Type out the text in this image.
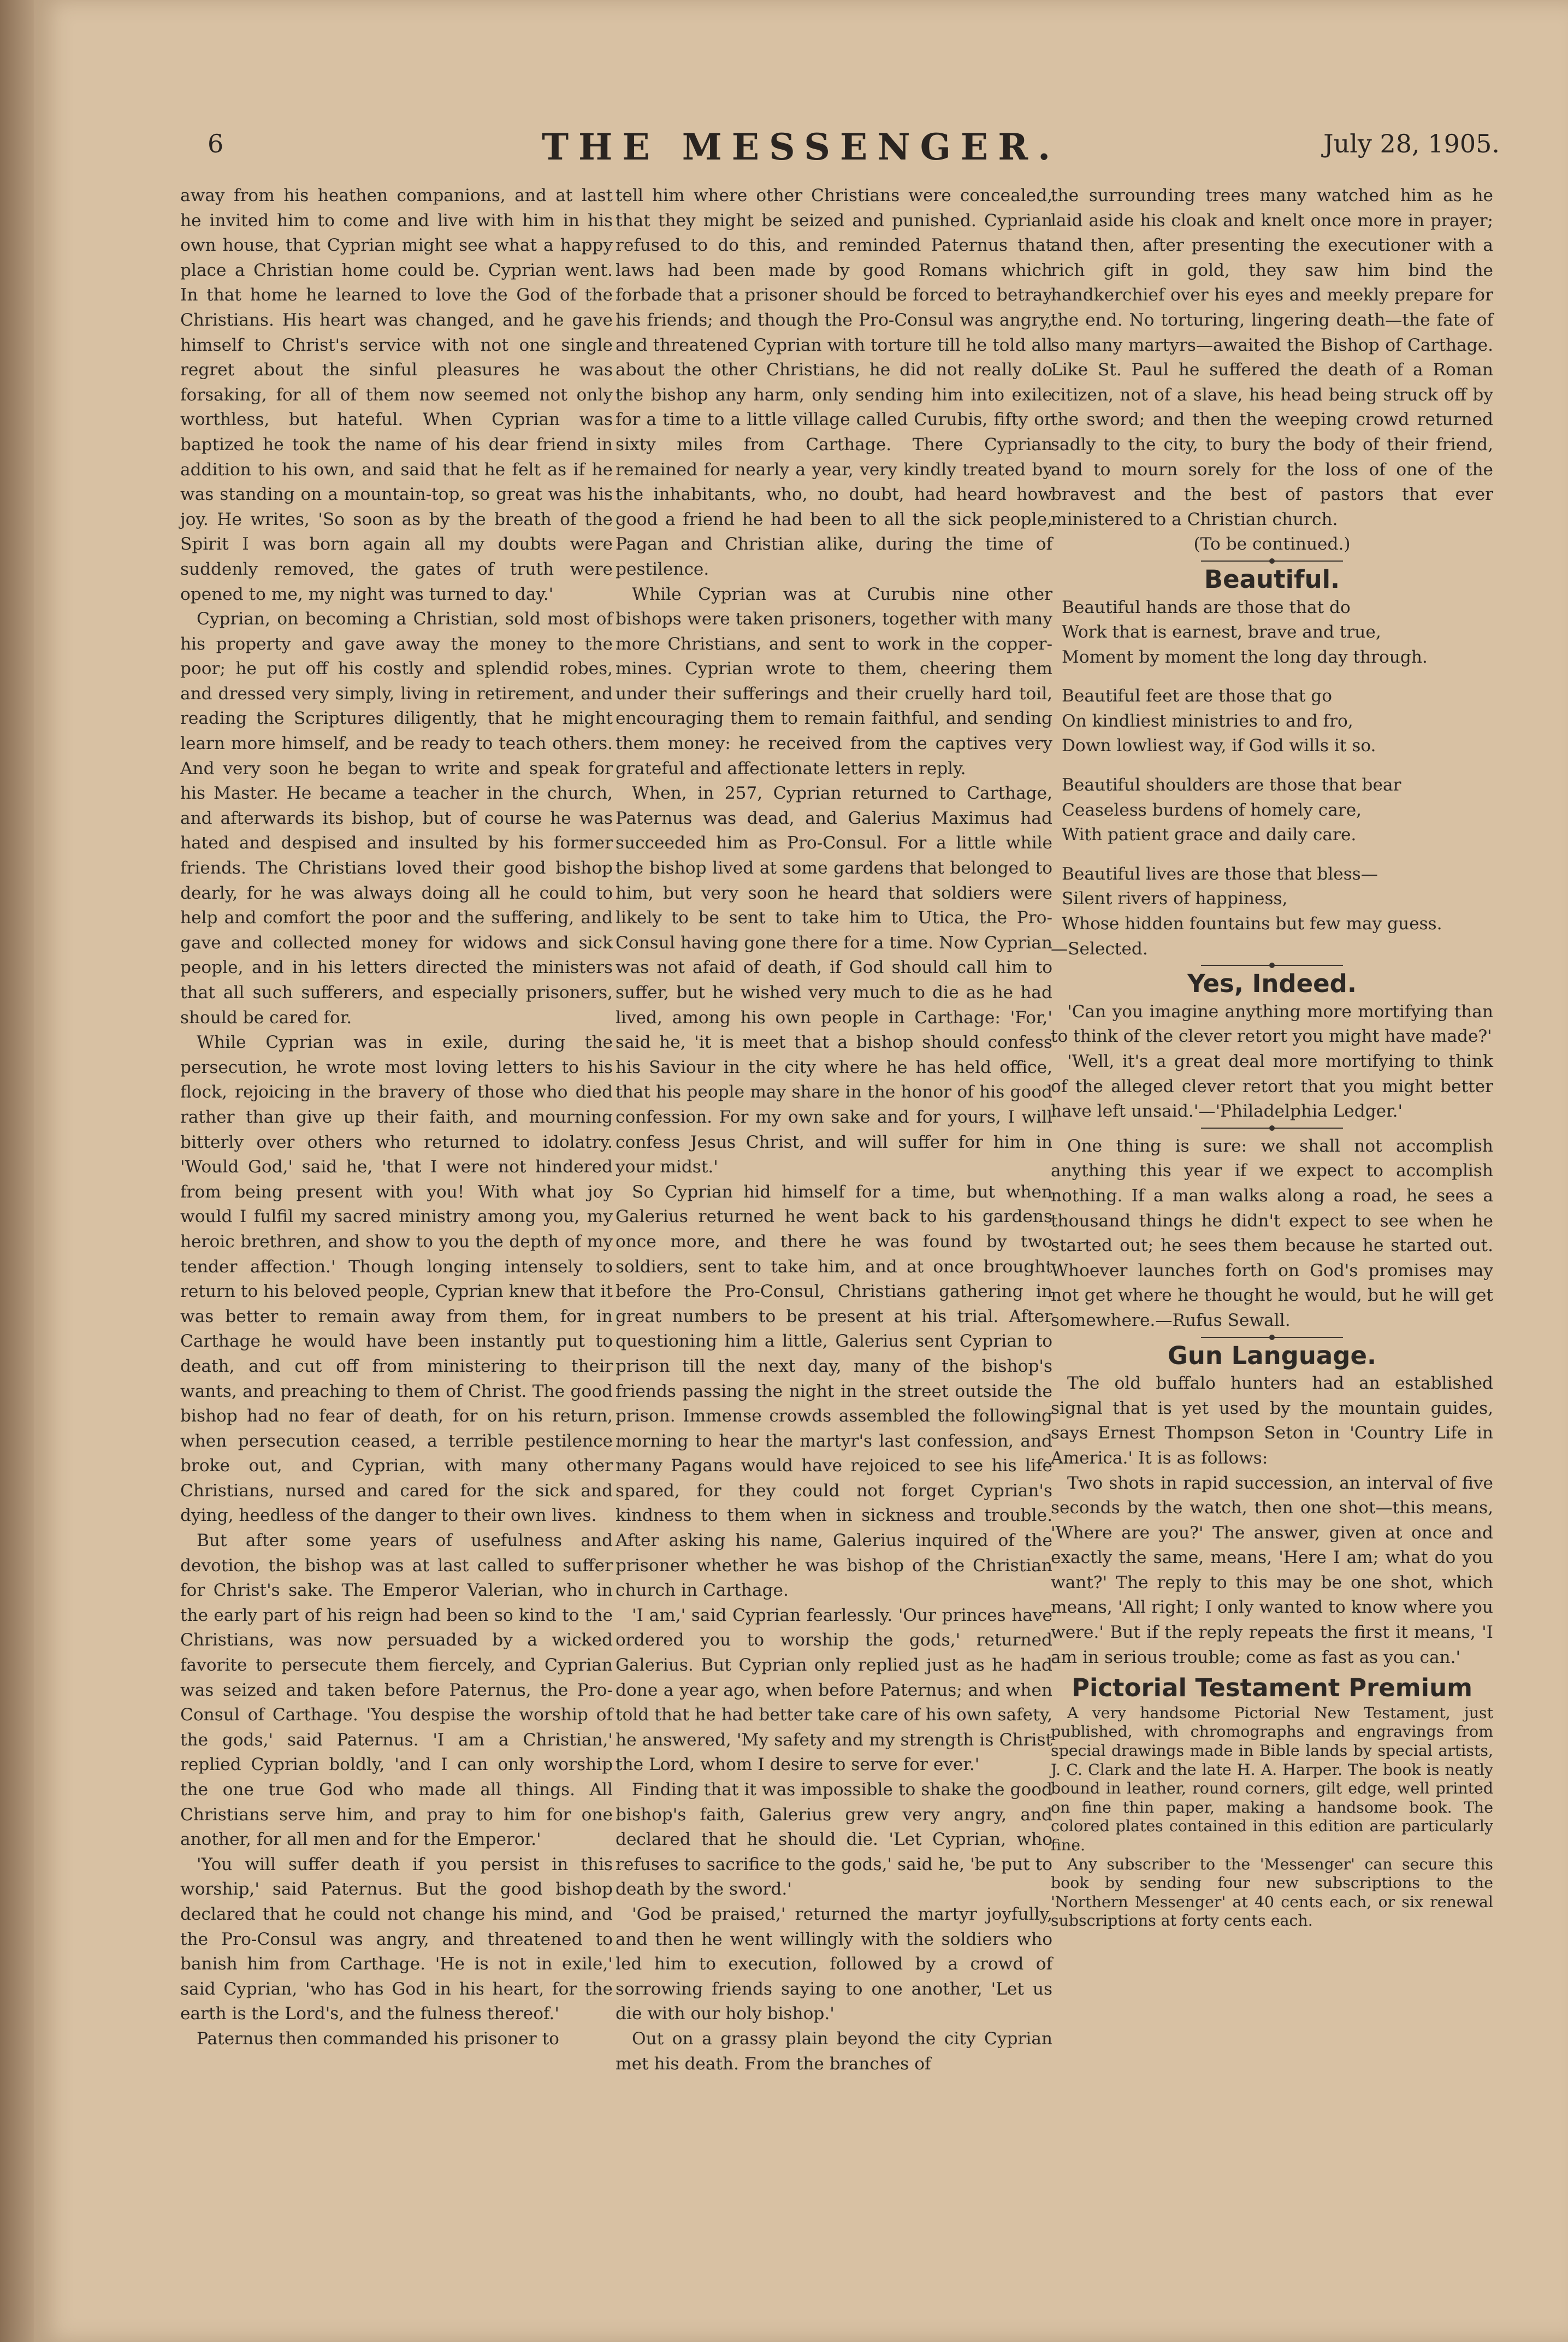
6	THE MESSENGER.	July 28, 1905.

away from his heathen companions, and at last he invited him to come and live with him in his own house, that Cyprian might see what a happy place a Christian home could be. Cyprian went. In that home he learned to love the God of the Christians. His heart was changed, and he gave himself to Christ's service with not one single regret about the sinful pleasures he was forsaking, for all of them now seemed not only worthless, but hateful. When Cyprian was baptized he took the name of his dear friend in addition to his own, and said that he felt as if he was standing on a mountain-top, so great was his joy. He writes, 'So soon as by the breath of the Spirit I was born again all my doubts were suddenly removed, the gates of truth were opened to me, my night was turned to day.'

Cyprian, on becoming a Christian, sold most of his property and gave away the money to the poor; he put off his costly and splendid robes, and dressed very simply, living in retirement, and reading the Scriptures diligently, that he might learn more himself, and be ready to teach others. And very soon he began to write and speak for his Master. He became a teacher in the church, and afterwards its bishop, but of course he was hated and despised and insulted by his former friends. The Christians loved their good bishop dearly, for he was always doing all he could to help and comfort the poor and the suffering, and gave and collected money for widows and sick people, and in his letters directed the ministers that all such sufferers, and especially prisoners, should be cared for.

While Cyprian was in exile, during the persecution, he wrote most loving letters to his flock, rejoicing in the bravery of those who died rather than give up their faith, and mourning bitterly over others who returned to idolatry. 'Would God,' said he, 'that I were not hindered from being present with you! With what joy would I fulfil my sacred ministry among you, my heroic brethren, and show to you the depth of my tender affection.' Though longing intensely to return to his beloved people, Cyprian knew that it was better to remain away from them, for in Carthage he would have been instantly put to death, and cut off from ministering to their wants, and preaching to them of Christ. The good bishop had no fear of death, for on his return, when persecution ceased, a terrible pestilence broke out, and Cyprian, with many other Christians, nursed and cared for the sick and dying, heedless of the danger to their own lives.

But after some years of usefulness and devotion, the bishop was at last called to suffer for Christ's sake. The Emperor Valerian, who in the early part of his reign had been so kind to the Christians, was now persuaded by a wicked favorite to persecute them fiercely, and Cyprian was seized and taken before Paternus, the Pro-Consul of Carthage. 'You despise the worship of the gods,' said Paternus. 'I am a Christian,' replied Cyprian boldly, 'and I can only worship the one true God who made all things. All Christians serve him, and pray to him for one another, for all men and for the Emperor.'

'You will suffer death if you persist in this worship,' said Paternus. But the good bishop declared that he could not change his mind, and the Pro-Consul was angry, and threatened to banish him from Carthage. 'He is not in exile,' said Cyprian, 'who has God in his heart, for the earth is the Lord's, and the fulness thereof.'

Paternus then commanded his prisoner to

tell him where other Christians were concealed, that they might be seized and punished. Cyprian refused to do this, and reminded Paternus that laws had been made by good Romans which forbade that a prisoner should be forced to betray his friends; and though the Pro-Consul was angry, and threatened Cyprian with torture till he told all about the other Christians, he did not really do the bishop any harm, only sending him into exile for a time to a little village called Curubis, fifty or sixty miles from Carthage. There Cyprian remained for nearly a year, very kindly treated by the inhabitants, who, no doubt, had heard how good a friend he had been to all the sick people, Pagan and Christian alike, during the time of pestilence.

While Cyprian was at Curubis nine other bishops were taken prisoners, together with many more Christians, and sent to work in the copper-mines. Cyprian wrote to them, cheering them under their sufferings and their cruelly hard toil, encouraging them to remain faithful, and sending them money: he received from the captives very grateful and affectionate letters in reply.

When, in 257, Cyprian returned to Carthage, Paternus was dead, and Galerius Maximus had succeeded him as Pro-Consul. For a little while the bishop lived at some gardens that belonged to him, but very soon he heard that soldiers were likely to be sent to take him to Utica, the Pro-Consul having gone there for a time. Now Cyprian was not afaid of death, if God should call him to suffer, but he wished very much to die as he had lived, among his own people in Carthage: 'For,' said he, 'it is meet that a bishop should confess his Saviour in the city where he has held office, that his people may share in the honor of his good confession. For my own sake and for yours, I will confess Jesus Christ, and will suffer for him in your midst.'

So Cyprian hid himself for a time, but when Galerius returned he went back to his gardens once more, and there he was found by two soldiers, sent to take him, and at once brought before the Pro-Consul, Christians gathering in great numbers to be present at his trial. After questioning him a little, Galerius sent Cyprian to prison till the next day, many of the bishop's friends passing the night in the street outside the prison. Immense crowds assembled the following morning to hear the martyr's last confession, and many Pagans would have rejoiced to see his life spared, for they could not forget Cyprian's kindness to them when in sickness and trouble. After asking his name, Galerius inquired of the prisoner whether he was bishop of the Christian church in Carthage.

'I am,' said Cyprian fearlessly. 'Our princes have ordered you to worship the gods,' returned Galerius. But Cyprian only replied just as he had done a year ago, when before Paternus; and when told that he had better take care of his own safety, he answered, 'My safety and my strength is Christ the Lord, whom I desire to serve for ever.'

Finding that it was impossible to shake the good bishop's faith, Galerius grew very angry, and declared that he should die. 'Let Cyprian, who refuses to sacrifice to the gods,' said he, 'be put to death by the sword.'

'God be praised,' returned the martyr joyfully, and then he went willingly with the soldiers who led him to execution, followed by a crowd of sorrowing friends saying to one another, 'Let us die with our holy bishop.'

Out on a grassy plain beyond the city Cyprian met his death. From the branches of

the surrounding trees many watched him as he laid aside his cloak and knelt once more in prayer; and then, after presenting the executioner with a rich gift in gold, they saw him bind the handkerchief over his eyes and meekly prepare for the end. No torturing, lingering death—the fate of so many martyrs—awaited the Bishop of Carthage. Like St. Paul he suffered the death of a Roman citizen, not of a slave, his head being struck off by the sword; and then the weeping crowd returned sadly to the city, to bury the body of their friend, and to mourn sorely for the loss of one of the bravest and the best of pastors that ever ministered to a Christian church.

(To be continued.)

Beautiful.

Beautiful hands are those that do

Work that is earnest, brave and true,

Moment by moment the long day through.

Beautiful feet are those that go

On kindliest ministries to and fro,

Down lowliest way, if God wills it so.

Beautiful shoulders are those that bear

Ceaseless burdens of homely care,

With patient grace and daily care.

Beautiful lives are those that bless—

Silent rivers of happiness,

Whose hidden fountains but few may guess.

—Selected.

Yes, Indeed.

'Can you imagine anything more mortifying than to think of the clever retort you might have made?'

'Well, it's a great deal more mortifying to think of the alleged clever retort that you might better have left unsaid.'—'Philadelphia Ledger.'

One thing is sure: we shall not accomplish anything this year if we expect to accomplish nothing. If a man walks along a road, he sees a thousand things he didn't expect to see when he started out; he sees them because he started out. Whoever launches forth on God's promises may not get where he thought he would, but he will get somewhere.—Rufus Sewall.

Gun Language.

The old buffalo hunters had an established signal that is yet used by the mountain guides, says Ernest Thompson Seton in 'Country Life in America.' It is as follows:

Two shots in rapid succession, an interval of five seconds by the watch, then one shot—this means, 'Where are you?' The answer, given at once and exactly the same, means, 'Here I am; what do you want?' The reply to this may be one shot, which means, 'All right; I only wanted to know where you were.' But if the reply repeats the first it means, 'I am in serious trouble; come as fast as you can.'

Pictorial Testament Premium

A very handsome Pictorial New Testament, just published, with chromographs and engravings from special drawings made in Bible lands by special artists, J. C. Clark and the late H. A. Harper. The book is neatly bound in leather, round corners, gilt edge, well printed on fine thin paper, making a handsome book. The colored plates contained in this edition are particularly fine.

Any subscriber to the 'Messenger' can secure this book by sending four new subscriptions to the 'Northern Messenger' at 40 cents each, or six renewal subscriptions at forty cents each.
